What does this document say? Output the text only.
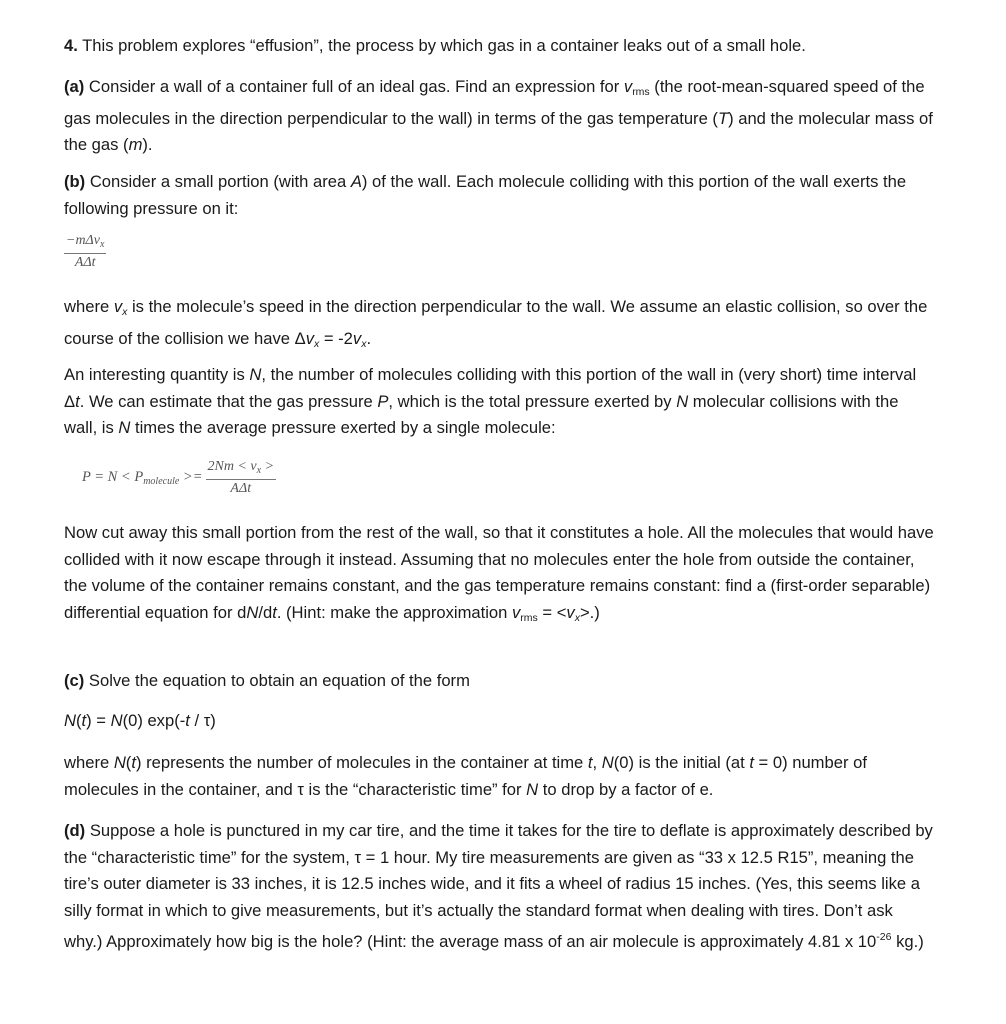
4. This problem explores “effusion”, the process by which gas in a container leaks out of a small hole.

(a) Consider a wall of a container full of an ideal gas. Find an expression for $v_{rms}$ (the root-mean-squared speed of the gas molecules in the direction perpendicular to the wall) in terms of the gas temperature (T) and the molecular mass of the gas (m).

(b) Consider a small portion (with area A) of the wall. Each molecule colliding with this portion of the wall exerts the following pressure on it:

$\frac{-m\Delta v_x}{\text{AΔt}}$

where $v_x$ is the molecule’s speed in the direction perpendicular to the wall. We assume an elastic collision, so over the course of the collision we have $\Delta v_x = -2v_x$.

An interesting quantity is N, the number of molecules colliding with this portion of the wall in (very short) time interval Δt. We can estimate that the gas pressure P, which is the total pressure exerted by N molecular collisions with the wall, is N times the average pressure exerted by a single molecule:

$P = N < P_{molecule} >= \frac{2Nm < v_x >}{\text{AΔt}}$

Now cut away this small portion from the rest of the wall, so that it constitutes a hole. All the molecules that would have collided with it now escape through it instead. Assuming that no molecules enter the hole from outside the container, the volume of the container remains constant, and the gas temperature remains constant: find a (first-order separable) differential equation for dN/dt. (Hint: make the approximation $v_{rms} = <v_x>$.)

(c) Solve the equation to obtain an equation of the form

N(t) = N(0) exp(-t / τ)

where N(t) represents the number of molecules in the container at time t, N(0) is the initial (at t = 0) number of molecules in the container, and τ is the “characteristic time” for N to drop by a factor of e.

(d) Suppose a hole is punctured in my car tire, and the time it takes for the tire to deflate is approximately described by the “characteristic time” for the system, τ = 1 hour. My tire measurements are given as “33 x 12.5 R15”, meaning the tire’s outer diameter is 33 inches, it is 12.5 inches wide, and it fits a wheel of radius 15 inches. (Yes, this seems like a silly format in which to give measurements, but it’s actually the standard format when dealing with tires. Don’t ask why.) Approximately how big is the hole? (Hint: the average mass of an air molecule is approximately 4.81 x $10^{-26}$ kg.)
